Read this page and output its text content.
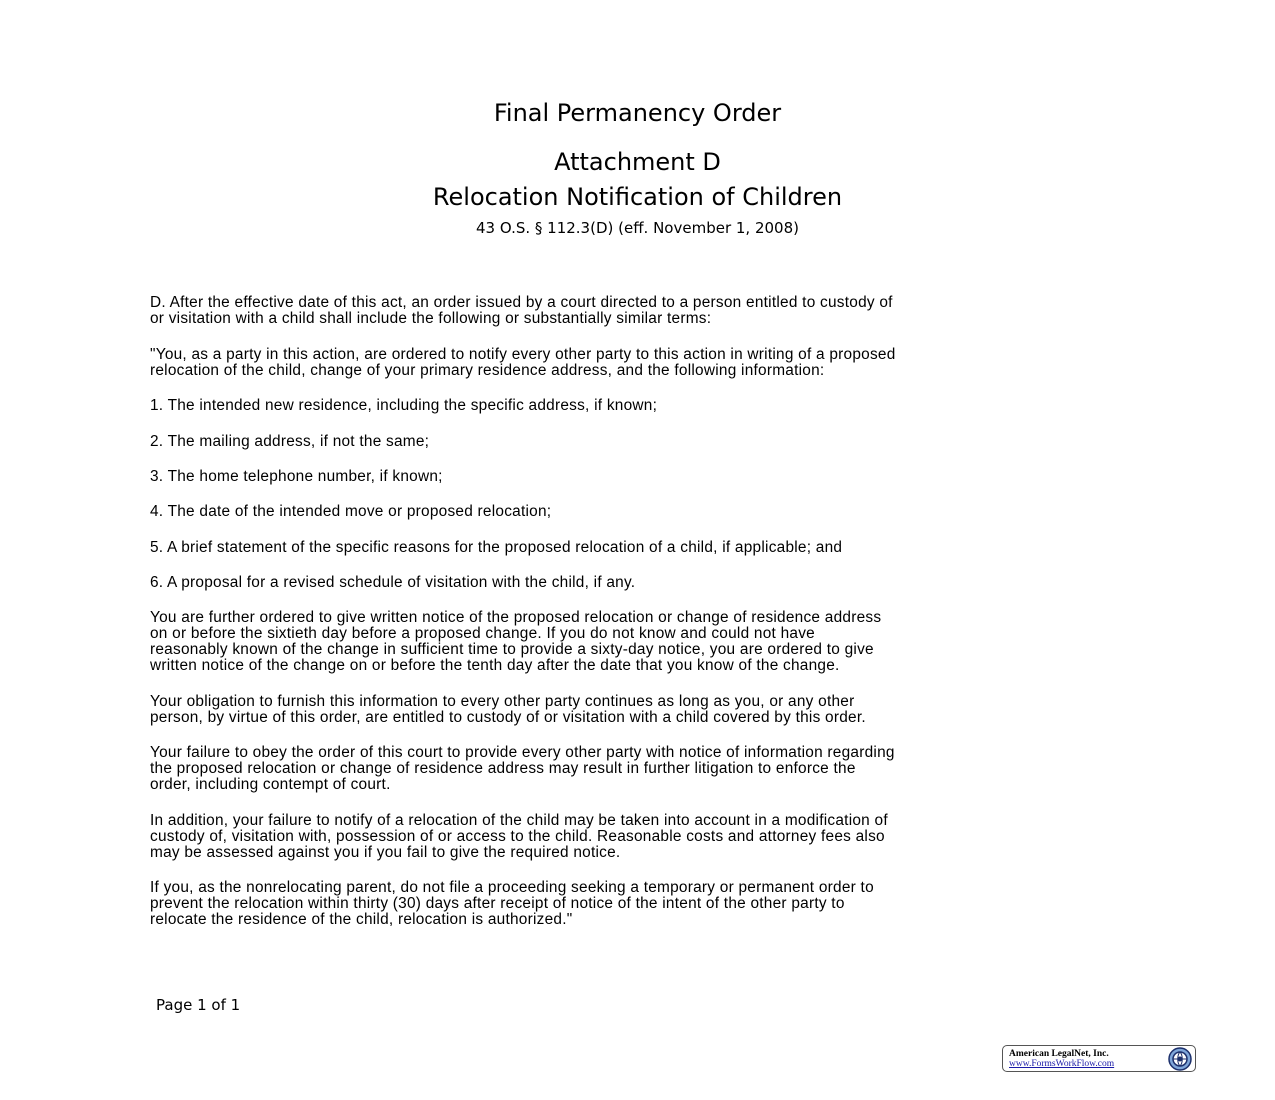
Final Permanency Order
Attachment D
Relocation Notification of Children
43 O.S. § 112.3(D) (eff. November 1, 2008)

D. After the effective date of this act, an order issued by a court directed to a person entitled to custody of
or visitation with a child shall include the following or substantially similar terms:

"You, as a party in this action, are ordered to notify every other party to this action in writing of a proposed
relocation of the child, change of your primary residence address, and the following information:

1. The intended new residence, including the specific address, if known;

2. The mailing address, if not the same;

3. The home telephone number, if known;

4. The date of the intended move or proposed relocation;

5. A brief statement of the specific reasons for the proposed relocation of a child, if applicable; and

6. A proposal for a revised schedule of visitation with the child, if any.

You are further ordered to give written notice of the proposed relocation or change of residence address
on or before the sixtieth day before a proposed change. If you do not know and could not have
reasonably known of the change in sufficient time to provide a sixty-day notice, you are ordered to give
written notice of the change on or before the tenth day after the date that you know of the change.

Your obligation to furnish this information to every other party continues as long as you, or any other
person, by virtue of this order, are entitled to custody of or visitation with a child covered by this order.

Your failure to obey the order of this court to provide every other party with notice of information regarding
the proposed relocation or change of residence address may result in further litigation to enforce the
order, including contempt of court.

In addition, your failure to notify of a relocation of the child may be taken into account in a modification of
custody of, visitation with, possession of or access to the child. Reasonable costs and attorney fees also
may be assessed against you if you fail to give the required notice.

If you, as the nonrelocating parent, do not file a proceeding seeking a temporary or permanent order to
prevent the relocation within thirty (30) days after receipt of notice of the intent of the other party to
relocate the residence of the child, relocation is authorized."

Page 1 of 1
American LegalNet, Inc.
www.FormsWorkFlow.com
